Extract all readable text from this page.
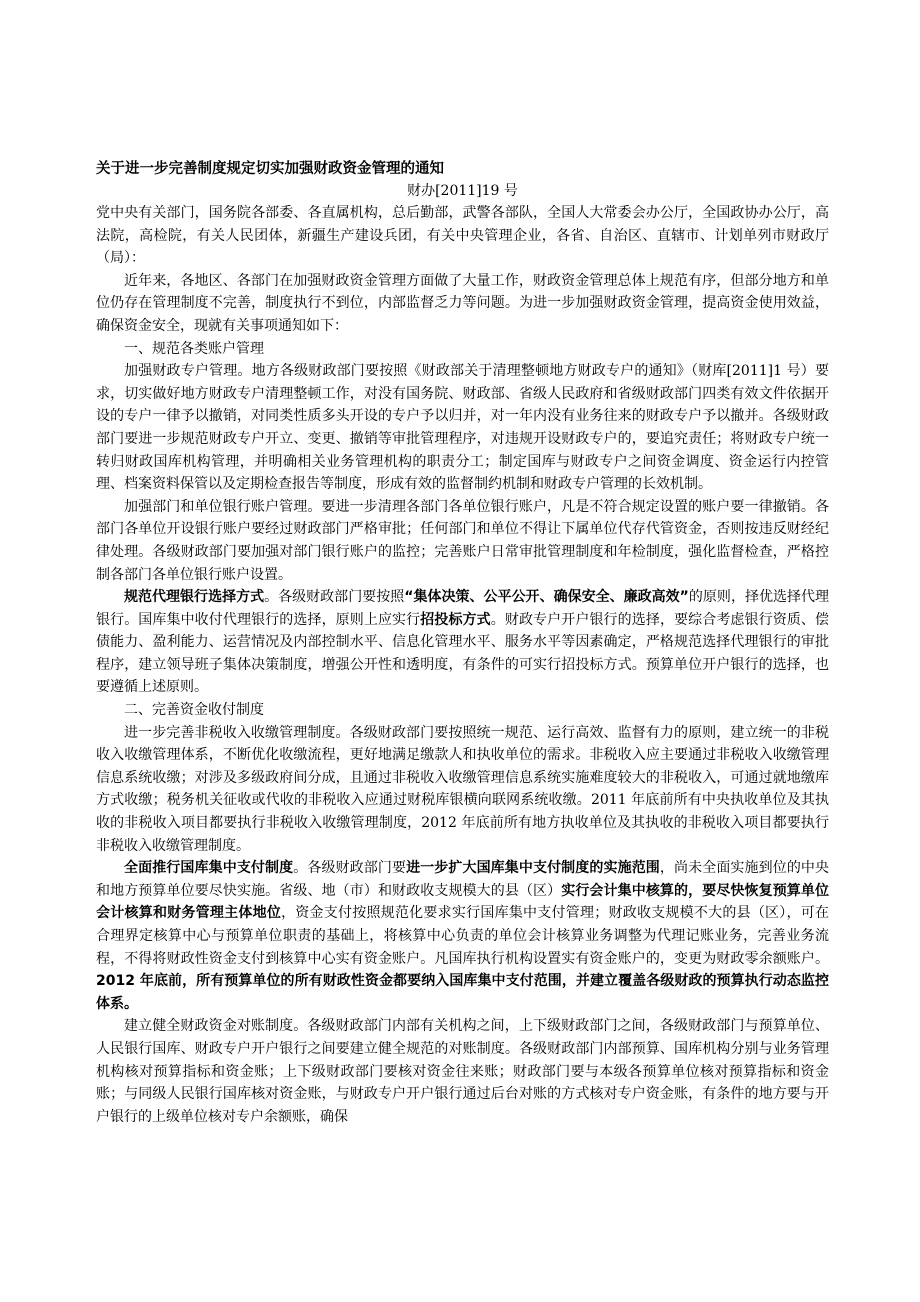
关于进一步完善制度规定切实加强财政资金管理的通知

财办[2011]19 号

党中央有关部门，国务院各部委、各直属机构，总后勤部，武警各部队，全国人大常委会办公厅，全国政协办公厅，高法院，高检院，有关人民团体，新疆生产建设兵团，有关中央管理企业，各省、自治区、直辖市、计划单列市财政厅（局）：

近年来，各地区、各部门在加强财政资金管理方面做了大量工作，财政资金管理总体上规范有序，但部分地方和单位仍存在管理制度不完善，制度执行不到位，内部监督乏力等问题。为进一步加强财政资金管理，提高资金使用效益，确保资金安全，现就有关事项通知如下：

一、规范各类账户管理

加强财政专户管理。地方各级财政部门要按照《财政部关于清理整顿地方财政专户的通知》（财库[2011]1 号）要求，切实做好地方财政专户清理整顿工作，对没有国务院、财政部、省级人民政府和省级财政部门四类有效文件依据开设的专户一律予以撤销，对同类性质多头开设的专户予以归并，对一年内没有业务往来的财政专户予以撤并。各级财政部门要进一步规范财政专户开立、变更、撤销等审批管理程序，对违规开设财政专户的，要追究责任；将财政专户统一转归财政国库机构管理，并明确相关业务管理机构的职责分工；制定国库与财政专户之间资金调度、资金运行内控管理、档案资料保管以及定期检查报告等制度，形成有效的监督制约机制和财政专户管理的长效机制。

加强部门和单位银行账户管理。要进一步清理各部门各单位银行账户，凡是不符合规定设置的账户要一律撤销。各部门各单位开设银行账户要经过财政部门严格审批；任何部门和单位不得让下属单位代存代管资金，否则按违反财经纪律处理。各级财政部门要加强对部门银行账户的监控；完善账户日常审批管理制度和年检制度，强化监督检查，严格控制各部门各单位银行账户设置。

规范代理银行选择方式。各级财政部门要按照“集体决策、公平公开、确保安全、廉政高效”的原则，择优选择代理银行。国库集中收付代理银行的选择，原则上应实行招投标方式。财政专户开户银行的选择，要综合考虑银行资质、偿债能力、盈利能力、运营情况及内部控制水平、信息化管理水平、服务水平等因素确定，严格规范选择代理银行的审批程序，建立领导班子集体决策制度，增强公开性和透明度，有条件的可实行招投标方式。预算单位开户银行的选择，也要遵循上述原则。

二、完善资金收付制度

进一步完善非税收入收缴管理制度。各级财政部门要按照统一规范、运行高效、监督有力的原则，建立统一的非税收入收缴管理体系，不断优化收缴流程，更好地满足缴款人和执收单位的需求。非税收入应主要通过非税收入收缴管理信息系统收缴；对涉及多级政府间分成，且通过非税收入收缴管理信息系统实施难度较大的非税收入，可通过就地缴库方式收缴；税务机关征收或代收的非税收入应通过财税库银横向联网系统收缴。2011 年底前所有中央执收单位及其执收的非税收入项目都要执行非税收入收缴管理制度，2012 年底前所有地方执收单位及其执收的非税收入项目都要执行非税收入收缴管理制度。

全面推行国库集中支付制度。各级财政部门要进一步扩大国库集中支付制度的实施范围，尚未全面实施到位的中央和地方预算单位要尽快实施。省级、地（市）和财政收支规模大的县（区）实行会计集中核算的，要尽快恢复预算单位会计核算和财务管理主体地位，资金支付按照规范化要求实行国库集中支付管理；财政收支规模不大的县（区），可在合理界定核算中心与预算单位职责的基础上，将核算中心负责的单位会计核算业务调整为代理记账业务，完善业务流程，不得将财政性资金支付到核算中心实有资金账户。凡国库执行机构设置实有资金账户的，变更为财政零余额账户。2012 年底前，所有预算单位的所有财政性资金都要纳入国库集中支付范围，并建立覆盖各级财政的预算执行动态监控体系。

建立健全财政资金对账制度。各级财政部门内部有关机构之间，上下级财政部门之间，各级财政部门与预算单位、人民银行国库、财政专户开户银行之间要建立健全规范的对账制度。各级财政部门内部预算、国库机构分别与业务管理机构核对预算指标和资金账；上下级财政部门要核对资金往来账；财政部门要与本级各预算单位核对预算指标和资金账；与同级人民银行国库核对资金账，与财政专户开户银行通过后台对账的方式核对专户资金账，有条件的地方要与开户银行的上级单位核对专户余额账，确保
